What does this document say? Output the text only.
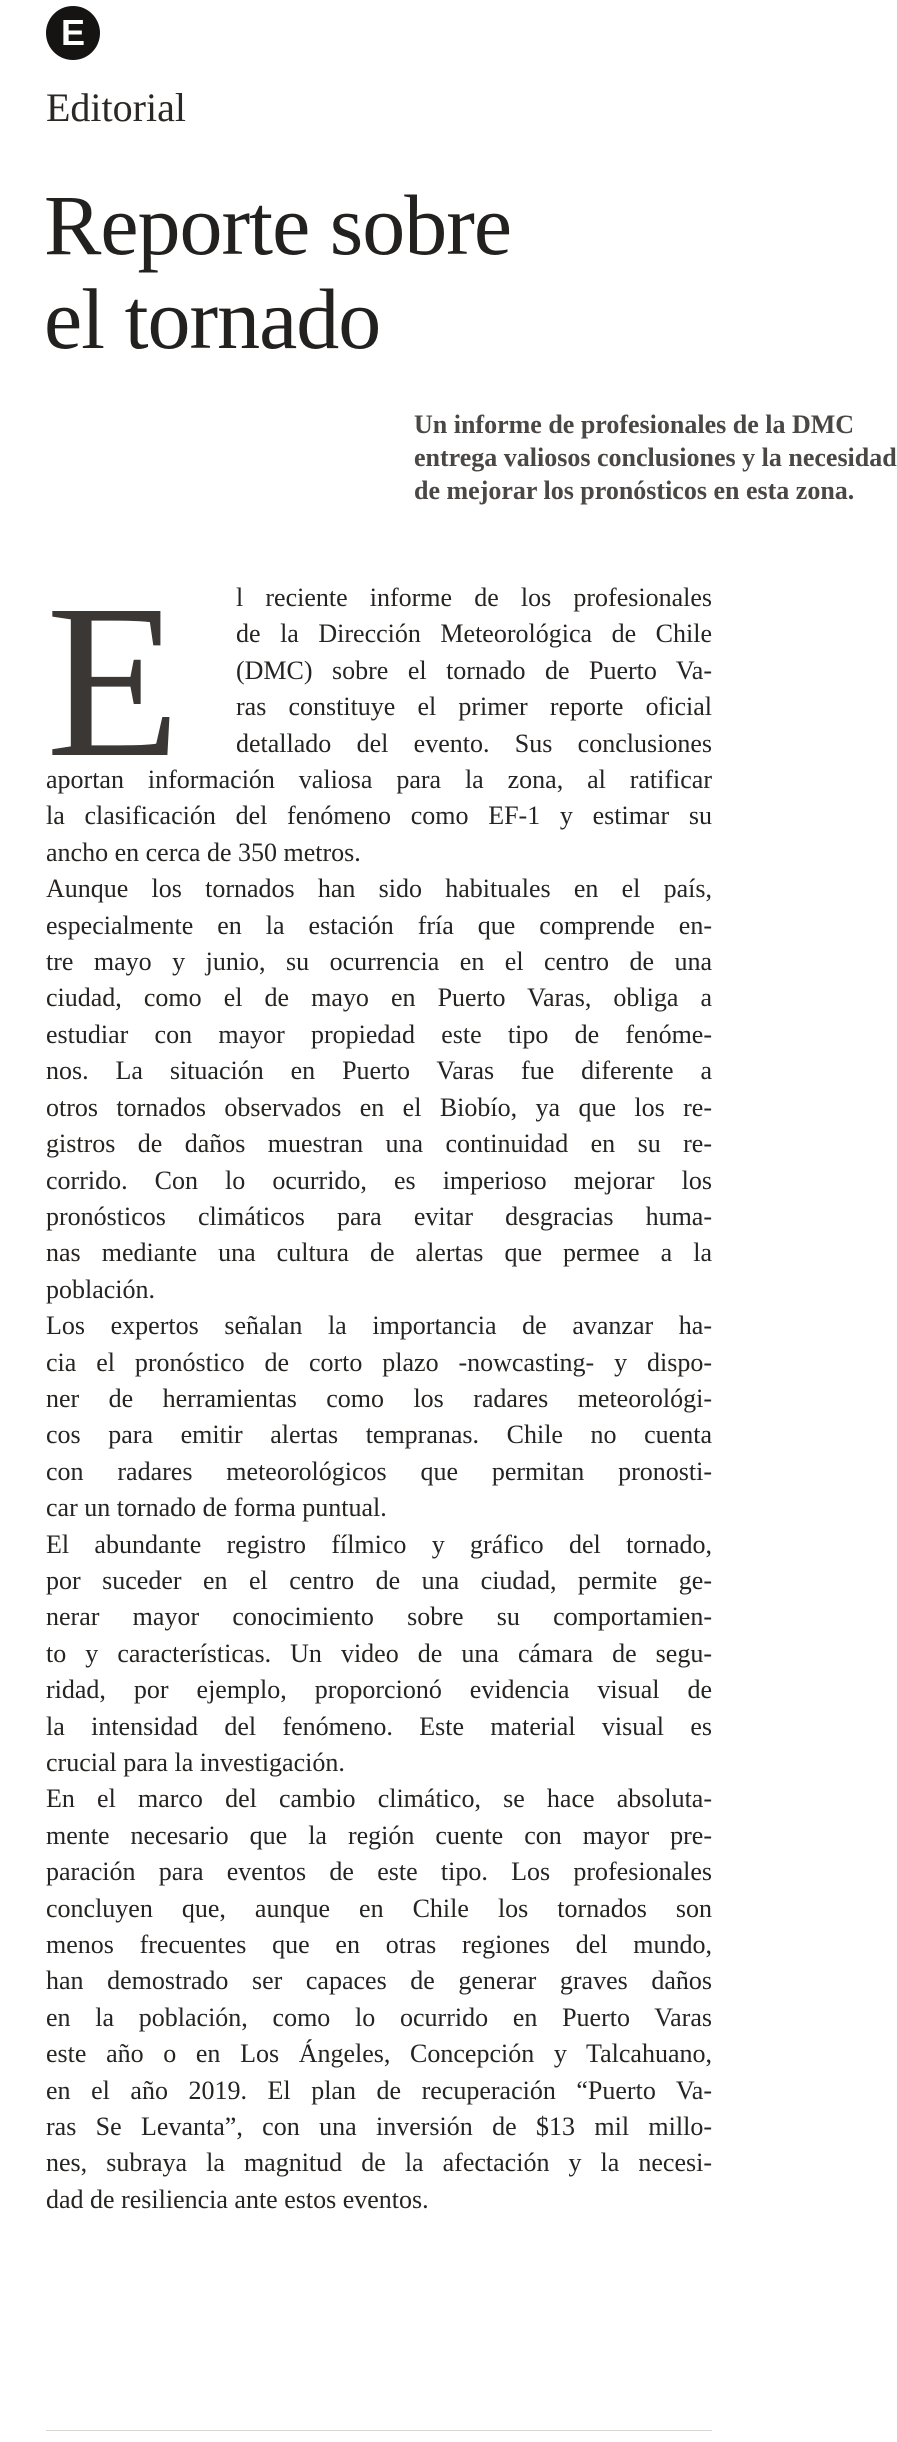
E
Editorial
Reporte sobre
el tornado

Un informe de profesionales de la DMC
entrega valiosos conclusiones y la necesidad
de mejorar los pronósticos en esta zona.

E l reciente informe de los profesionales
de la Dirección Meteorológica de Chile
(DMC) sobre el tornado de Puerto Va-
ras constituye el primer reporte oficial
detallado del evento. Sus conclusiones
aportan información valiosa para la zona, al ratificar
la clasificación del fenómeno como EF-1 y estimar su
ancho en cerca de 350 metros.
Aunque los tornados han sido habituales en el país,
especialmente en la estación fría que comprende en-
tre mayo y junio, su ocurrencia en el centro de una
ciudad, como el de mayo en Puerto Varas, obliga a
estudiar con mayor propiedad este tipo de fenóme-
nos. La situación en Puerto Varas fue diferente a
otros tornados observados en el Biobío, ya que los re-
gistros de daños muestran una continuidad en su re-
corrido. Con lo ocurrido, es imperioso mejorar los
pronósticos climáticos para evitar desgracias huma-
nas mediante una cultura de alertas que permee a la
población.
Los expertos señalan la importancia de avanzar ha-
cia el pronóstico de corto plazo -nowcasting- y dispo-
ner de herramientas como los radares meteorológi-
cos para emitir alertas tempranas. Chile no cuenta
con radares meteorológicos que permitan pronosti-
car un tornado de forma puntual.
El abundante registro fílmico y gráfico del tornado,
por suceder en el centro de una ciudad, permite ge-
nerar mayor conocimiento sobre su comportamien-
to y características. Un video de una cámara de segu-
ridad, por ejemplo, proporcionó evidencia visual de
la intensidad del fenómeno. Este material visual es
crucial para la investigación.
En el marco del cambio climático, se hace absoluta-
mente necesario que la región cuente con mayor pre-
paración para eventos de este tipo. Los profesionales
concluyen que, aunque en Chile los tornados son
menos frecuentes que en otras regiones del mundo,
han demostrado ser capaces de generar graves daños
en la población, como lo ocurrido en Puerto Varas
este año o en Los Ángeles, Concepción y Talcahuano,
en el año 2019. El plan de recuperación “Puerto Va-
ras Se Levanta”, con una inversión de $13 mil millo-
nes, subraya la magnitud de la afectación y la necesi-
dad de resiliencia ante estos eventos.
